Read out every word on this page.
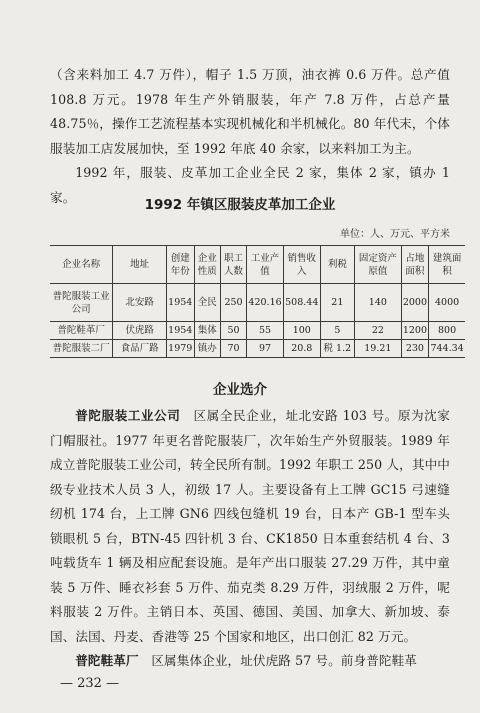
（含来料加工 4.7 万件），帽子 1.5 万顶，油衣裤 0.6 万件。总产值 108.8 万元。1978 年生产外销服装，年产 7.8 万件，占总产量 48.75％，操作工艺流程基本实现机械化和半机械化。80 年代末，个体服装加工店发展加快，至 1992 年底 40 余家，以来料加工为主。

1992 年，服装、皮革加工企业全民 2 家，集体 2 家，镇办 1 家。	1992 年镇区服装皮革加工企业
单位：人、万元、平方米
企业名称	地址	创建年份	企业性质	职工人数	工业产值	销售收入	利税	固定资产原值	占地面积	建筑面积
普陀服装工业公司	北安路	1954	全民	250	420.16	508.44	21	140	2000	4000
普陀鞋革厂	伏虎路	1954	集体	50	55	100	5	22	1200	800
普陀服装二厂	食品厂路	1979	镇办	70	97	20.8	税 1.2	19.21	230	744.34
企业选介

普陀服装工业公司  区属全民企业，址北安路 103 号。原为沈家门帽服社。1977 年更名普陀服装厂，次年始生产外贸服装。1989 年成立普陀服装工业公司，转全民所有制。1992 年职工 250 人，其中中级专业技术人员 3 人，初级 17 人。主要设备有上工牌 GC15 弓速缝纫机 174 台，上工牌 GN6 四线包缝机 19 台，日本产 GB-1 型车头锁眼机 5 台，BTN-45 四针机 3 台、CK1850 日本重套结机 4 台、3 吨载货车 1 辆及相应配套设施。是年产出口服装 27.29 万件，其中童装 5 万件、睡衣衫套 5 万件、茄克类 8.29 万件，羽绒服 2 万件，呢料服装 2 万件。主销日本、英国、德国、美国、加拿大、新加坡、泰国、法国、丹麦、香港等 25 个国家和地区，出口创汇 82 万元。

普陀鞋革厂  区属集体企业，址伏虎路 57 号。前身普陀鞋革

— 232 —
